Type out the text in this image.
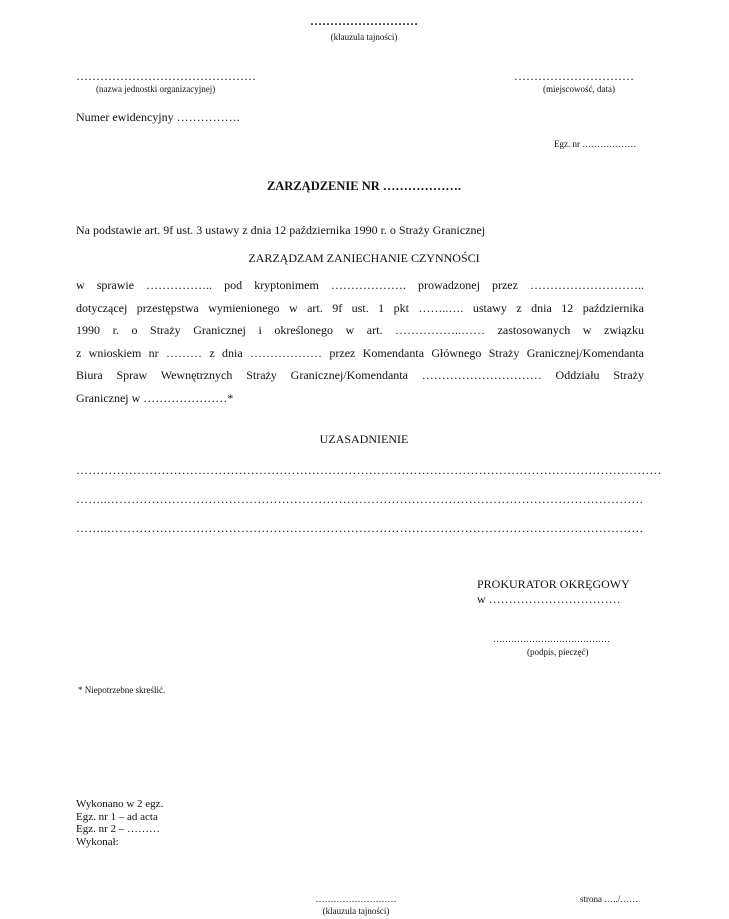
………………………
(klauzula tajności)
………………………………………
(nazwa jednostki organizacyjnej)
…………………………
(miejscowość, data)
Numer ewidencyjny …………….
Egz. nr ………………
ZARZĄDZENIE NR ……………….
Na podstawie art. 9f ust. 3 ustawy z dnia 12 października 1990 r. o Straży Granicznej
ZARZĄDZAM ZANIECHANIE CZYNNOŚCI
w sprawie …………….. pod kryptonimem ………………. prowadzonej przez ………………………..
dotyczącej przestępstwa wymienionego w art. 9f ust. 1 pkt ……..…. ustawy z dnia 12 października
1990 r. o Straży Granicznej i określonego w art. ……………..…… zastosowanych w związku
z wnioskiem nr ……… z dnia ……………… przez Komendanta Głównego Straży Granicznej/Komendanta
Biura Spraw Wewnętrznych Straży Granicznej/Komendanta ………………………… Oddziału Straży
Granicznej w …………………*
UZASADNIENIE
………………………………………………………………………………………………………………………………
……..……………………………………………………………………………………………………………………
……..……………………………………………………………………………………………………………………
PROKURATOR OKRĘGOWY
w ……………………………
…………………………………
(podpis, pieczęć)
* Niepotrzebne skreślić.
Wykonano w 2 egz.
Egz. nr 1 – ad acta
Egz. nr 2 – ………
Wykonał:
………………………
(klauzula tajności)
strona …../……
